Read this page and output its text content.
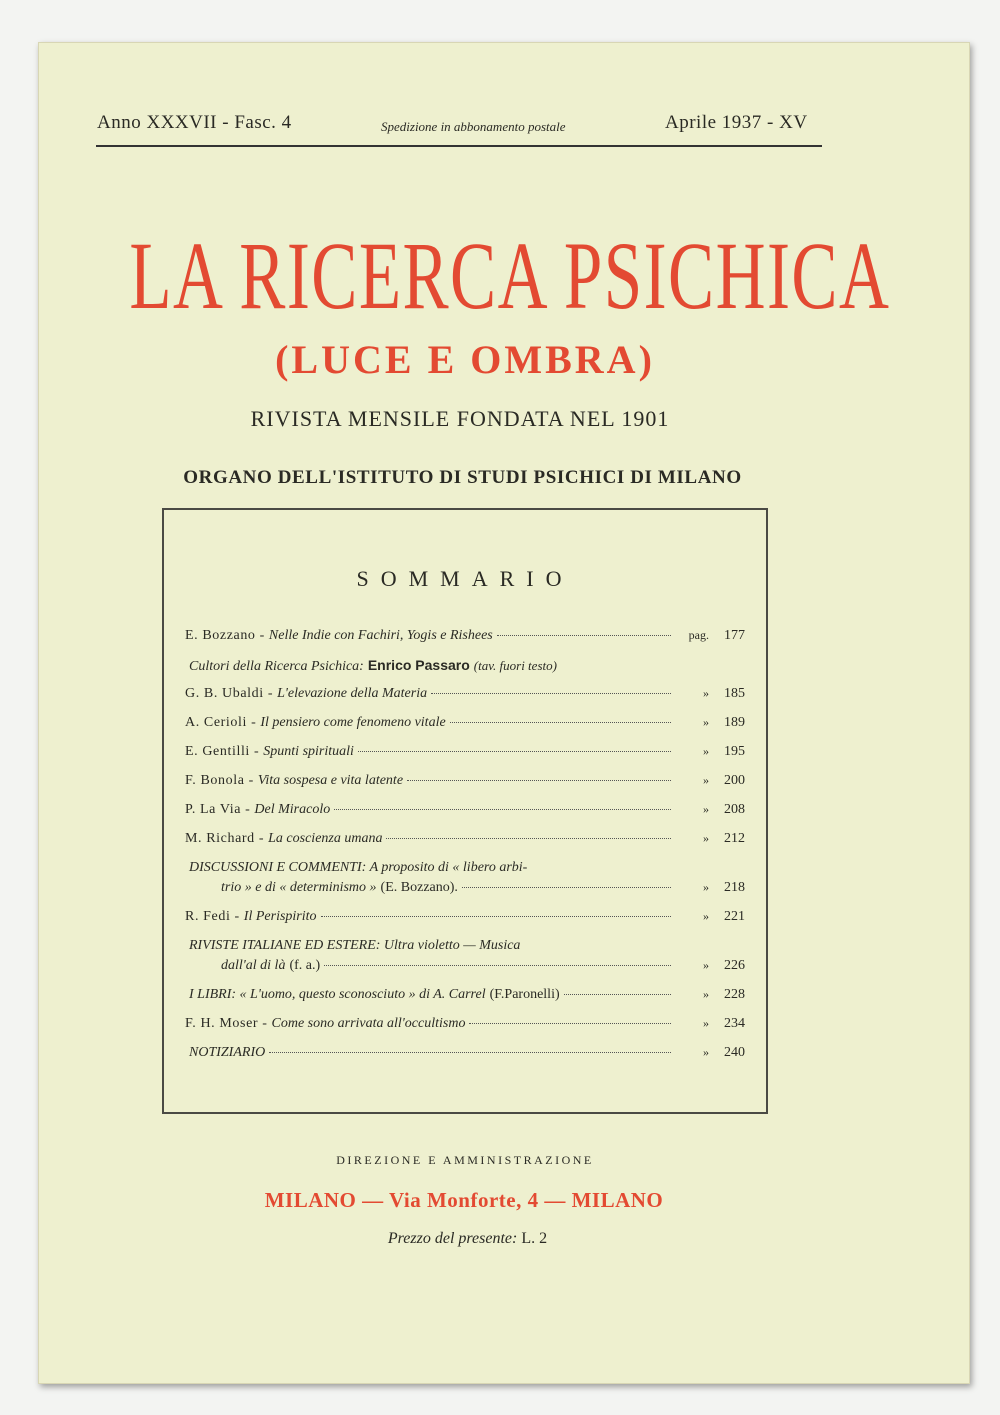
Anno XXXVII - Fasc. 4	Spedizione in abbonamento postale	Aprile 1937 - XV
LA RICERCA PSICHICA
(LUCE E OMBRA)
RIVISTA MENSILE FONDATA NEL 1901
ORGANO DELL'ISTITUTO DI STUDI PSICHICI DI MILANO
SOMMARIO
E. Bozzano - Nelle Indie con Fachiri, Yogis e Rishees	pag.	177
Cultori della Ricerca Psichica: Enrico Passaro (tav. fuori testo)
G. B. Ubaldi - L'elevazione della Materia	»	185
A. Cerioli - Il pensiero come fenomeno vitale	»	189
E. Gentilli - Spunti spirituali	»	195
F. Bonola - Vita sospesa e vita latente	»	200
P. La Via - Del Miracolo	»	208
M. Richard - La coscienza umana	»	212
DISCUSSIONI E COMMENTI: A proposito di « libero arbi-
trio » e di « determinismo » (E. Bozzano).	»	218
R. Fedi - Il Perispirito	»	221
RIVISTE ITALIANE ED ESTERE: Ultra violetto — Musica
dall'al di là (f. a.)	»	226
I LIBRI: « L'uomo, questo sconosciuto » di A. Carrel (F.Paronelli)	»	228
F. H. Moser - Come sono arrivata all'occultismo	»	234
NOTIZIARIO	»	240
DIREZIONE E AMMINISTRAZIONE
MILANO — Via Monforte, 4 — MILANO
Prezzo del presente: L. 2
